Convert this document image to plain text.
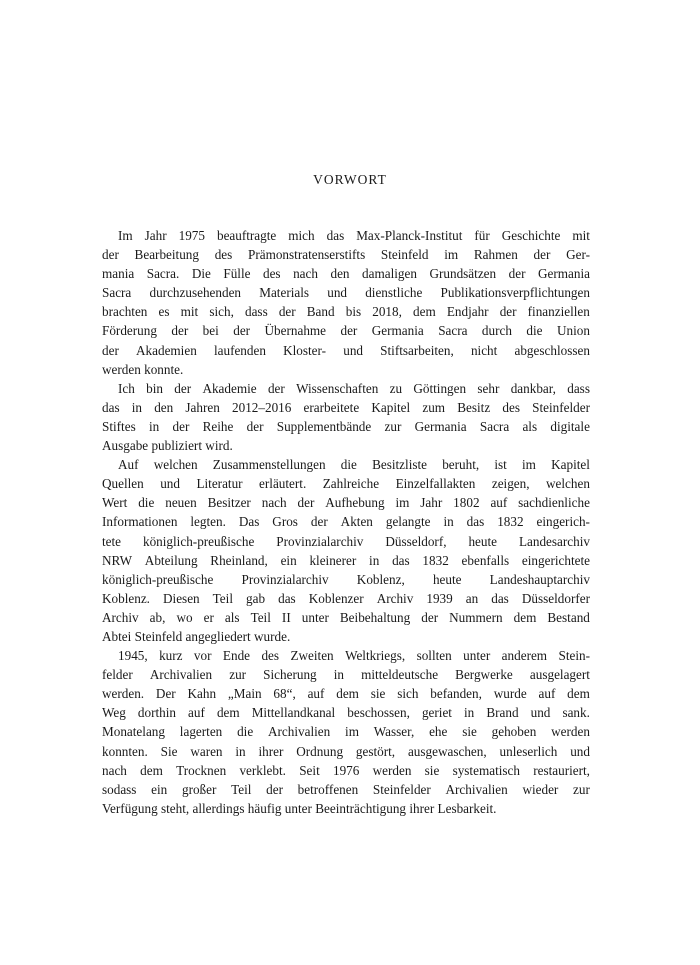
VORWORT
Im Jahr 1975 beauftragte mich das Max-Planck-Institut für Geschichte mit
der Bearbeitung des Prämonstratenserstifts Steinfeld im Rahmen der Ger-
mania Sacra. Die Fülle des nach den damaligen Grundsätzen der Germania
Sacra durchzusehenden Materials und dienstliche Publikationsverpflichtungen
brachten es mit sich, dass der Band bis 2018, dem Endjahr der finanziellen
Förderung der bei der Übernahme der Germania Sacra durch die Union
der Akademien laufenden Kloster- und Stiftsarbeiten, nicht abgeschlossen
werden konnte.
Ich bin der Akademie der Wissenschaften zu Göttingen sehr dankbar, dass
das in den Jahren 2012–2016 erarbeitete Kapitel zum Besitz des Steinfelder
Stiftes in der Reihe der Supplementbände zur Germania Sacra als digitale
Ausgabe publiziert wird.
Auf welchen Zusammenstellungen die Besitzliste beruht, ist im Kapitel
Quellen und Literatur erläutert. Zahlreiche Einzelfallakten zeigen, welchen
Wert die neuen Besitzer nach der Aufhebung im Jahr 1802 auf sachdienliche
Informationen legten. Das Gros der Akten gelangte in das 1832 eingerich-
tete königlich-preußische Provinzialarchiv Düsseldorf, heute Landesarchiv
NRW Abteilung Rheinland, ein kleinerer in das 1832 ebenfalls eingerichtete
königlich-preußische Provinzialarchiv Koblenz, heute Landeshauptarchiv
Koblenz. Diesen Teil gab das Koblenzer Archiv 1939 an das Düsseldorfer
Archiv ab, wo er als Teil II unter Beibehaltung der Nummern dem Bestand
Abtei Steinfeld angegliedert wurde.
1945, kurz vor Ende des Zweiten Weltkriegs, sollten unter anderem Stein-
felder Archivalien zur Sicherung in mitteldeutsche Bergwerke ausgelagert
werden. Der Kahn „Main 68“, auf dem sie sich befanden, wurde auf dem
Weg dorthin auf dem Mittellandkanal beschossen, geriet in Brand und sank.
Monatelang lagerten die Archivalien im Wasser, ehe sie gehoben werden
konnten. Sie waren in ihrer Ordnung gestört, ausgewaschen, unleserlich und
nach dem Trocknen verklebt. Seit 1976 werden sie systematisch restauriert,
sodass ein großer Teil der betroffenen Steinfelder Archivalien wieder zur
Verfügung steht, allerdings häufig unter Beeinträchtigung ihrer Lesbarkeit.
